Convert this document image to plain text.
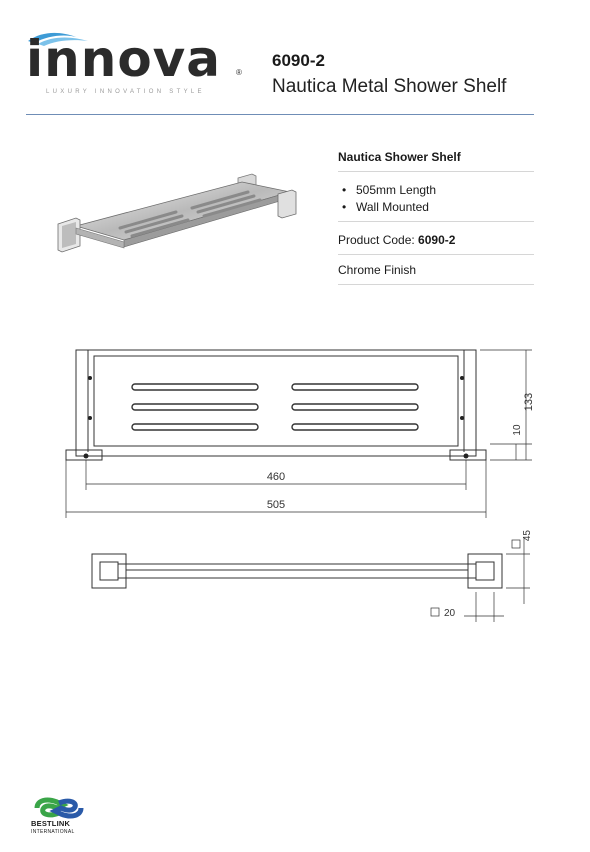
innova ®
LUXURY INNOVATION STYLE
6090-2
Nautica Metal Shower Shelf
Nautica Shower Shelf
• 505mm Length
• Wall Mounted
Product Code: 6090-2
Chrome Finish
133
10
460
505
45
20
BESTLINK
INTERNATIONAL
